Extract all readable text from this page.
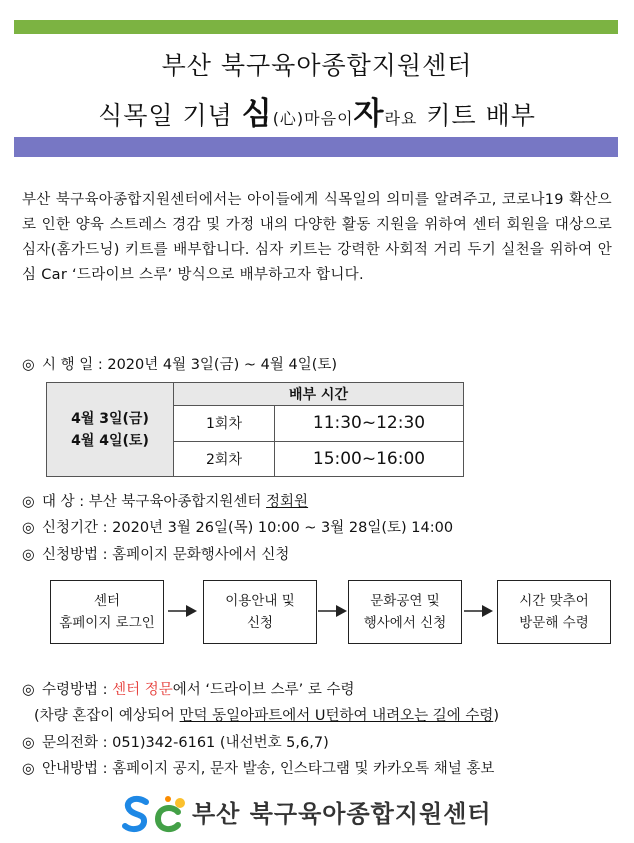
부산 북구육아종합지원센터
식목일 기념 심(心)마음이자라요 키트 배부
부산 북구육아종합지원센터에서는 아이들에게 식목일의 의미를 알려주고, 코로나19 확산으로 인한 양육 스트레스 경감 및 가정 내의 다양한 활동 지원을 위하여 센터 회원을 대상으로 심자(홈가드닝) 키트를 배부합니다. 심자 키트는 강력한 사회적 거리 두기 실천을 위하여 안심 Car ‘드라이브 스루’ 방식으로 배부하고자 합니다.
◎ 시 행 일 : 2020년 4월 3일(금) ~ 4월 4일(토)
4월 3일(금)
4월 4일(토)	배부 시간	
	1회차	11:30~12:30
	2회차	15:00~16:00
◎ 대 상 : 부산 북구육아종합지원센터 정회원
◎ 신청기간 : 2020년 3월 26일(목) 10:00 ~ 3월 28일(토) 14:00
◎ 신청방법 : 홈페이지 문화행사에서 신청
센터
홈페이지 로그인
이용안내 및
신청
문화공연 및
행사에서 신청
시간 맞추어
방문해 수령
◎ 수령방법 : 센터 정문에서 ‘드라이브 스루’ 로 수령
(차량 혼잡이 예상되어 만덕 동일아파트에서 U턴하여 내려오는 길에 수령)
◎ 문의전화 : 051)342-6161 (내선번호 5,6,7)
◎ 안내방법 : 홈페이지 공지, 문자 발송, 인스타그램 및 카카오톡 채널 홍보
부산 북구육아종합지원센터
